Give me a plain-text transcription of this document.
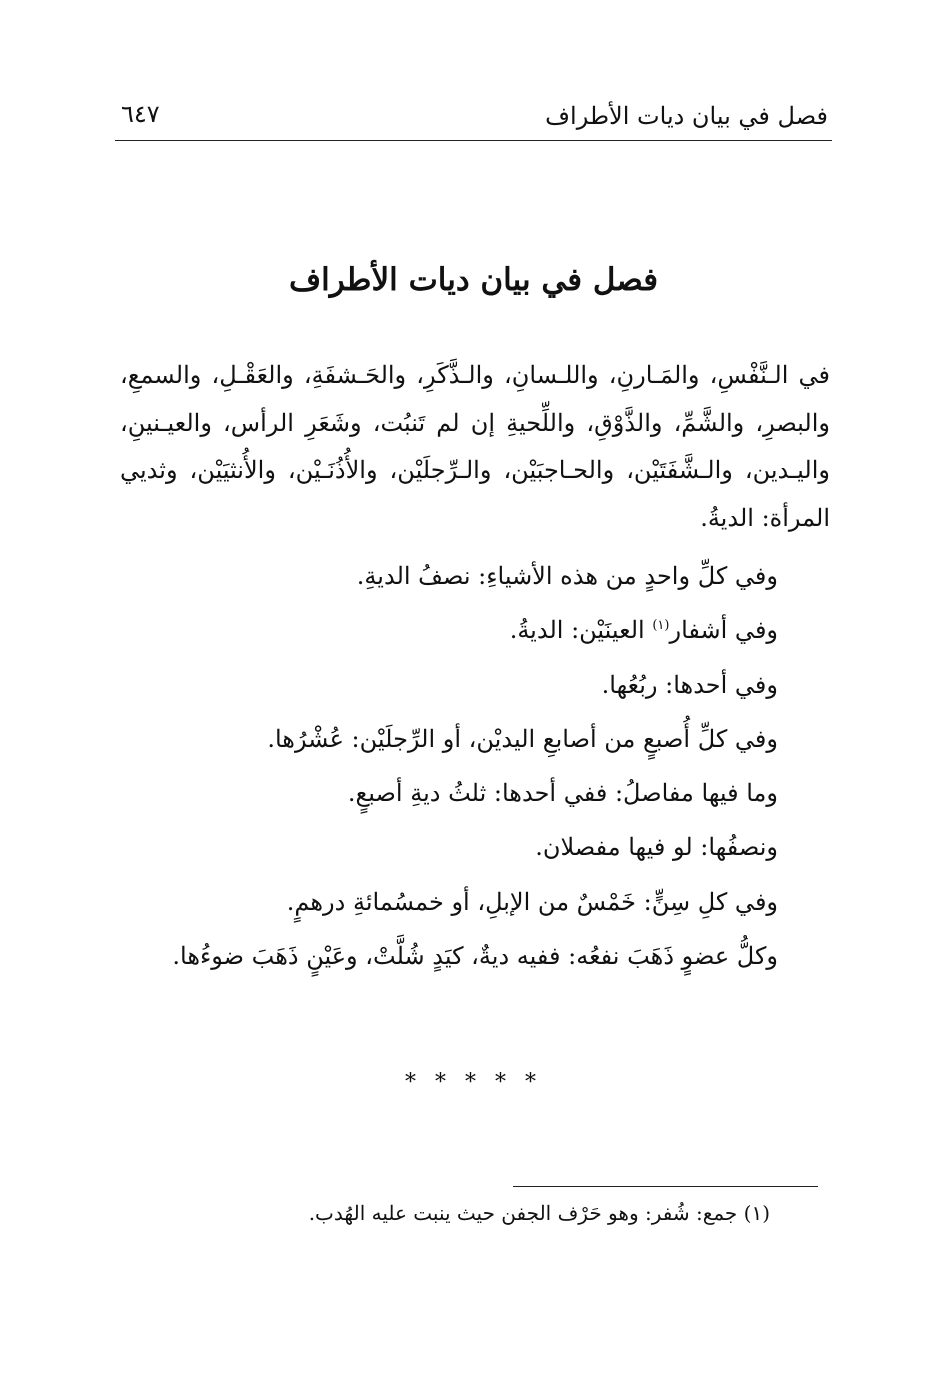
فصل في بيان ديات الأطراف
٦٤٧
فصل في بيان ديات الأطراف

في الـنَّفْسِ، والمَـارنِ، واللـسانِ، والـذَّكَرِ، والحَـشفَةِ، والعَقْـلِ، والسمعِ، والبصرِ، والشَّمِّ، والذَّوْقِ، واللِّحيةِ إن لم تَنبُت، وشَعَرِ الرأس، والعيـنينِ، واليـدين، والـشَّفَتَيْن، والحـاجبَيْن، والـرِّجلَيْن، والأُذُنَـيْن، والأُنثيَيْن، وثديي المرأة: الديةُ.

وفي كلِّ واحدٍ من هذه الأشياءِ: نصفُ الديةِ.
وفي أشفار$^{(١)}$ العينَيْن: الديةُ.
وفي أحدها: ربُعُها.
وفي كلِّ أُصبعٍ من أصابعِ اليديْن، أو الرِّجلَيْن: عُشْرُها.
وما فيها مفاصلُ: ففي أحدها: ثلثُ ديةِ أصبعٍ.
ونصفُها: لو فيها مفصلان.
وفي كلِ سِنٍّ: خَمْسٌ من الإبلِ، أو خمسُمائةِ درهمٍ.
وكلُّ عضوٍ ذَهَبَ نفعُه: ففيه ديةٌ، كيَدٍ شُلَّتْ، وعَيْنٍ ذَهَبَ ضوءُها.
* * * * *
(١) جمع: شُفر: وهو حَرْف الجفن حيث ينبت عليه الهُدب.
